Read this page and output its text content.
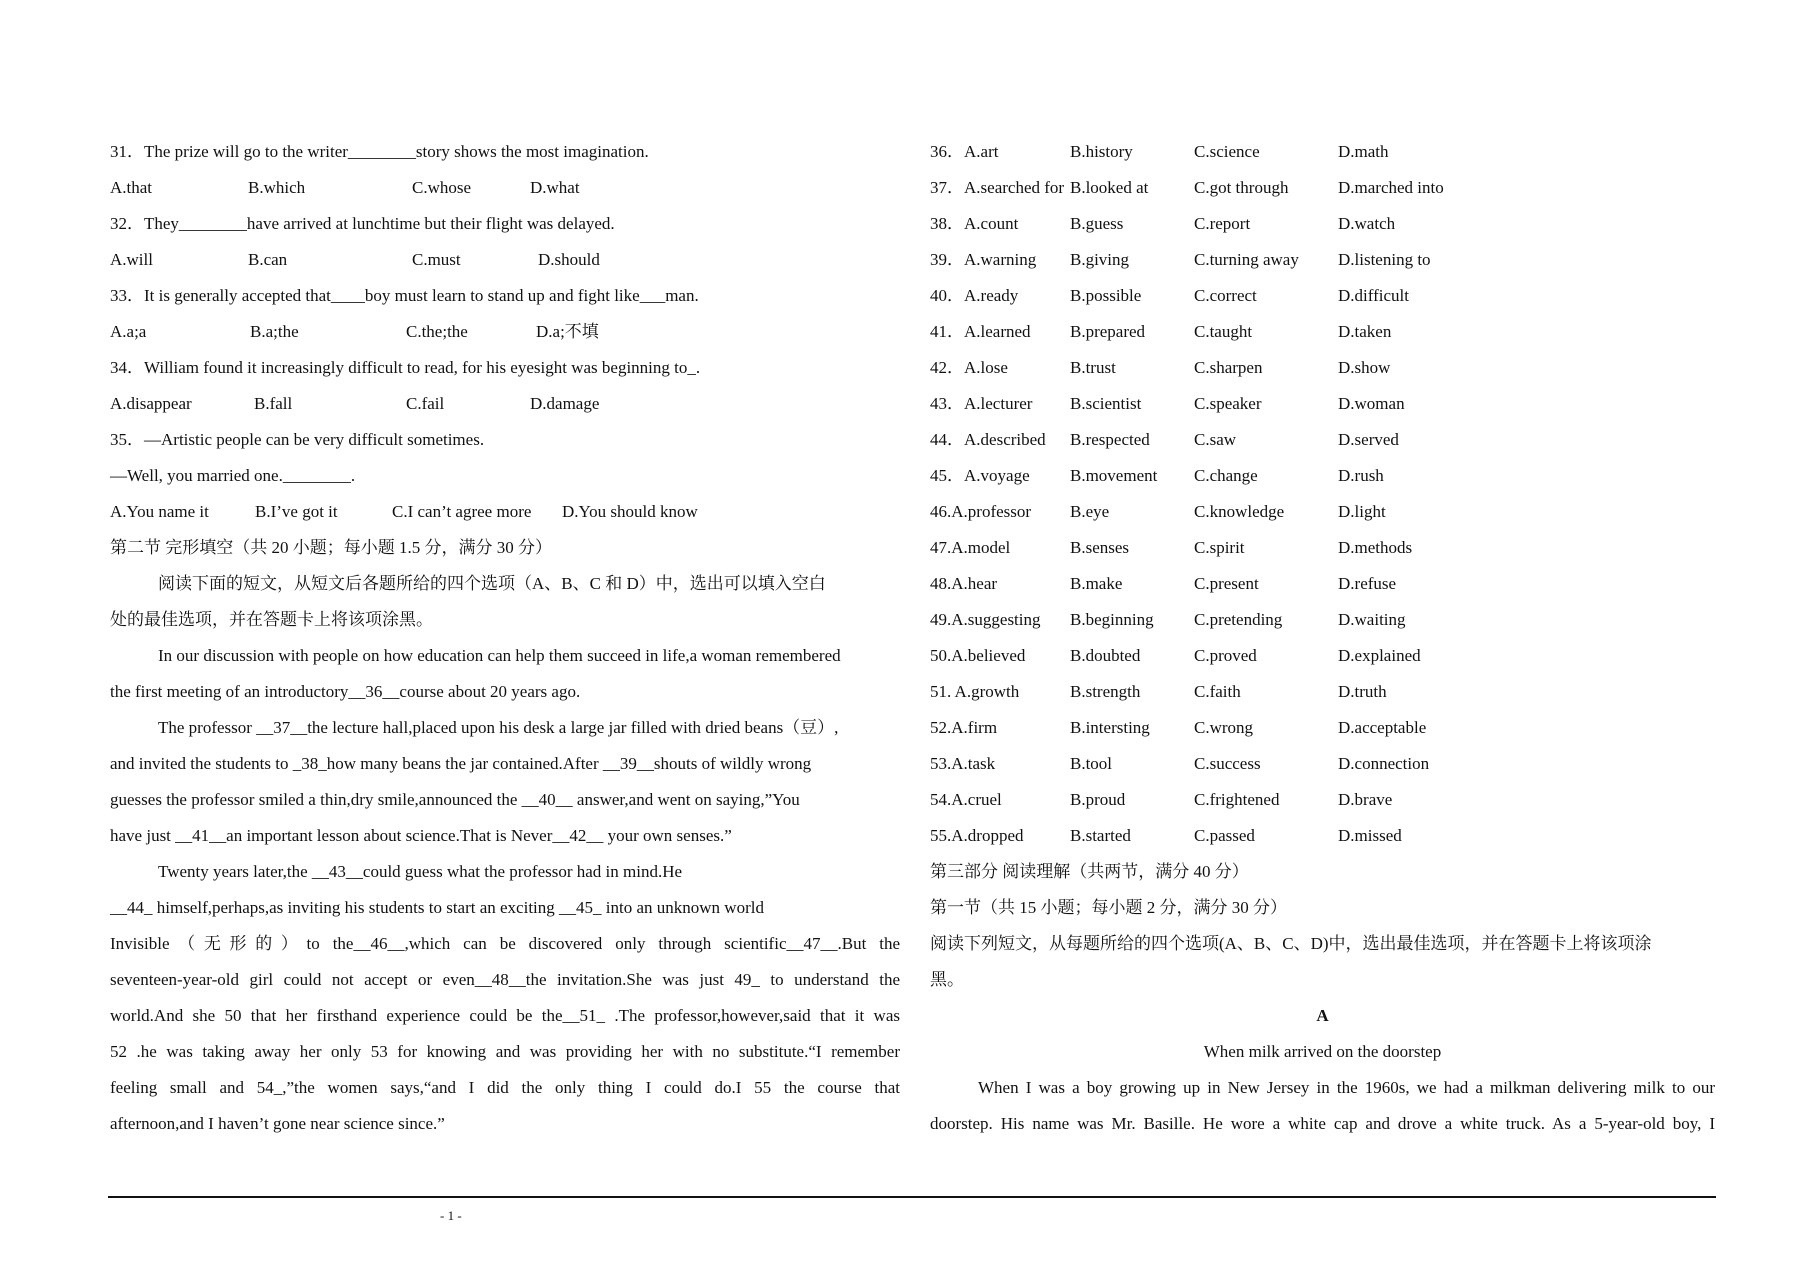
31．The prize will go to the writer________story shows the most imagination.
A.that	B.which	C.whose	D.what
32．They________have arrived at lunchtime but their flight was delayed.
A.will	B.can	C.must	D.should
33．It is generally accepted that____boy must learn to stand up and fight like___man.
A.a;a	B.a;the	C.the;the	D.a;不填
34．William found it increasingly difficult to read, for his eyesight was beginning to_.
A.disappear	B.fall	C.fail	D.damage
35．—Artistic people can be very difficult sometimes.
—Well, you married one.________.
A.You name it	B.I’ve got it	C.I can’t agree more D.You should know
第二节 完形填空（共 20 小题；每小题 1.5 分，满分 30 分）
阅读下面的短文，从短文后各题所给的四个选项（A、B、C 和 D）中，选出可以填入空白
处的最佳选项，并在答题卡上将该项涂黑。
In our discussion with people on how education can help them succeed in life,a woman remembered
the first meeting of an introductory__36__course about 20 years ago.
The professor __37__the lecture hall,placed upon his desk a large jar filled with dried beans（豆）,
and invited the students to _38_how many beans the jar contained.After __39__shouts of wildly wrong
guesses the professor smiled a thin,dry smile,announced the __40__ answer,and went on saying,”You
have just __41__an important lesson about science.That is Never__42__ your own senses.”
Twenty years later,the __43__could guess what the professor had in mind.He
__44_ himself,perhaps,as inviting his students to start an exciting __45_ into an unknown world
Invisible（无形的）to the__46__,which can be discovered only through scientific__47__.But the
seventeen-year-old girl could not accept or even__48__the invitation.She was just 49_ to understand the
world.And she 50 that her firsthand experience could be the__51_ .The professor,however,said that it was
52 .he was taking away her only 53 for knowing and was providing her with no substitute.“I remember
feeling small and 54_,”the women says,“and I did the only thing I could do.I 55 the course that
afternoon,and I haven’t gone near science since.”
36．A.art	B.history	C.science	D.math
37．A.searched for B.looked at	C.got through	D.marched into
38．A.count	B.guess	C.report	D.watch
39．A.warning B.giving	C.turning away D.listening to
40．A.ready	B.possible	C.correct	D.difficult
41．A.learned B.prepared	C.taught	D.taken
42．A.lose	B.trust	C.sharpen	D.show
43．A.lecturer B.scientist	C.speaker	D.woman
44．A.described B.respected	C.saw	D.served
45．A.voyage B.movement C.change	D.rush
46.A.professor B.eye	C.knowledge	D.light
47.A.model	B.senses	C.spirit	D.methods
48.A.hear	B.make	C.present	D.refuse
49.A.suggesting B.beginning C.pretending	D.waiting
50.A.believed	B.doubted	C.proved	D.explained
51. A.growth	B.strength	C.faith	D.truth
52.A.firm	B.intersting	C.wrong	D.acceptable
53.A.task	B.tool	C.success	D.connection
54.A.cruel	B.proud	C.frightened	D.brave
55.A.dropped	B.started	C.passed	D.missed
第三部分 阅读理解（共两节，满分 40 分）
第一节（共 15 小题；每小题 2 分，满分 30 分）
阅读下列短文，从每题所给的四个选项(A、B、C、D)中，选出最佳选项，并在答题卡上将该项涂
黑。
A
When milk arrived on the doorstep
When I was a boy growing up in New Jersey in the 1960s, we had a milkman delivering milk to our
doorstep. His name was Mr. Basille. He wore a white cap and drove a white truck. As a 5-year-old boy, I
- 1 -
